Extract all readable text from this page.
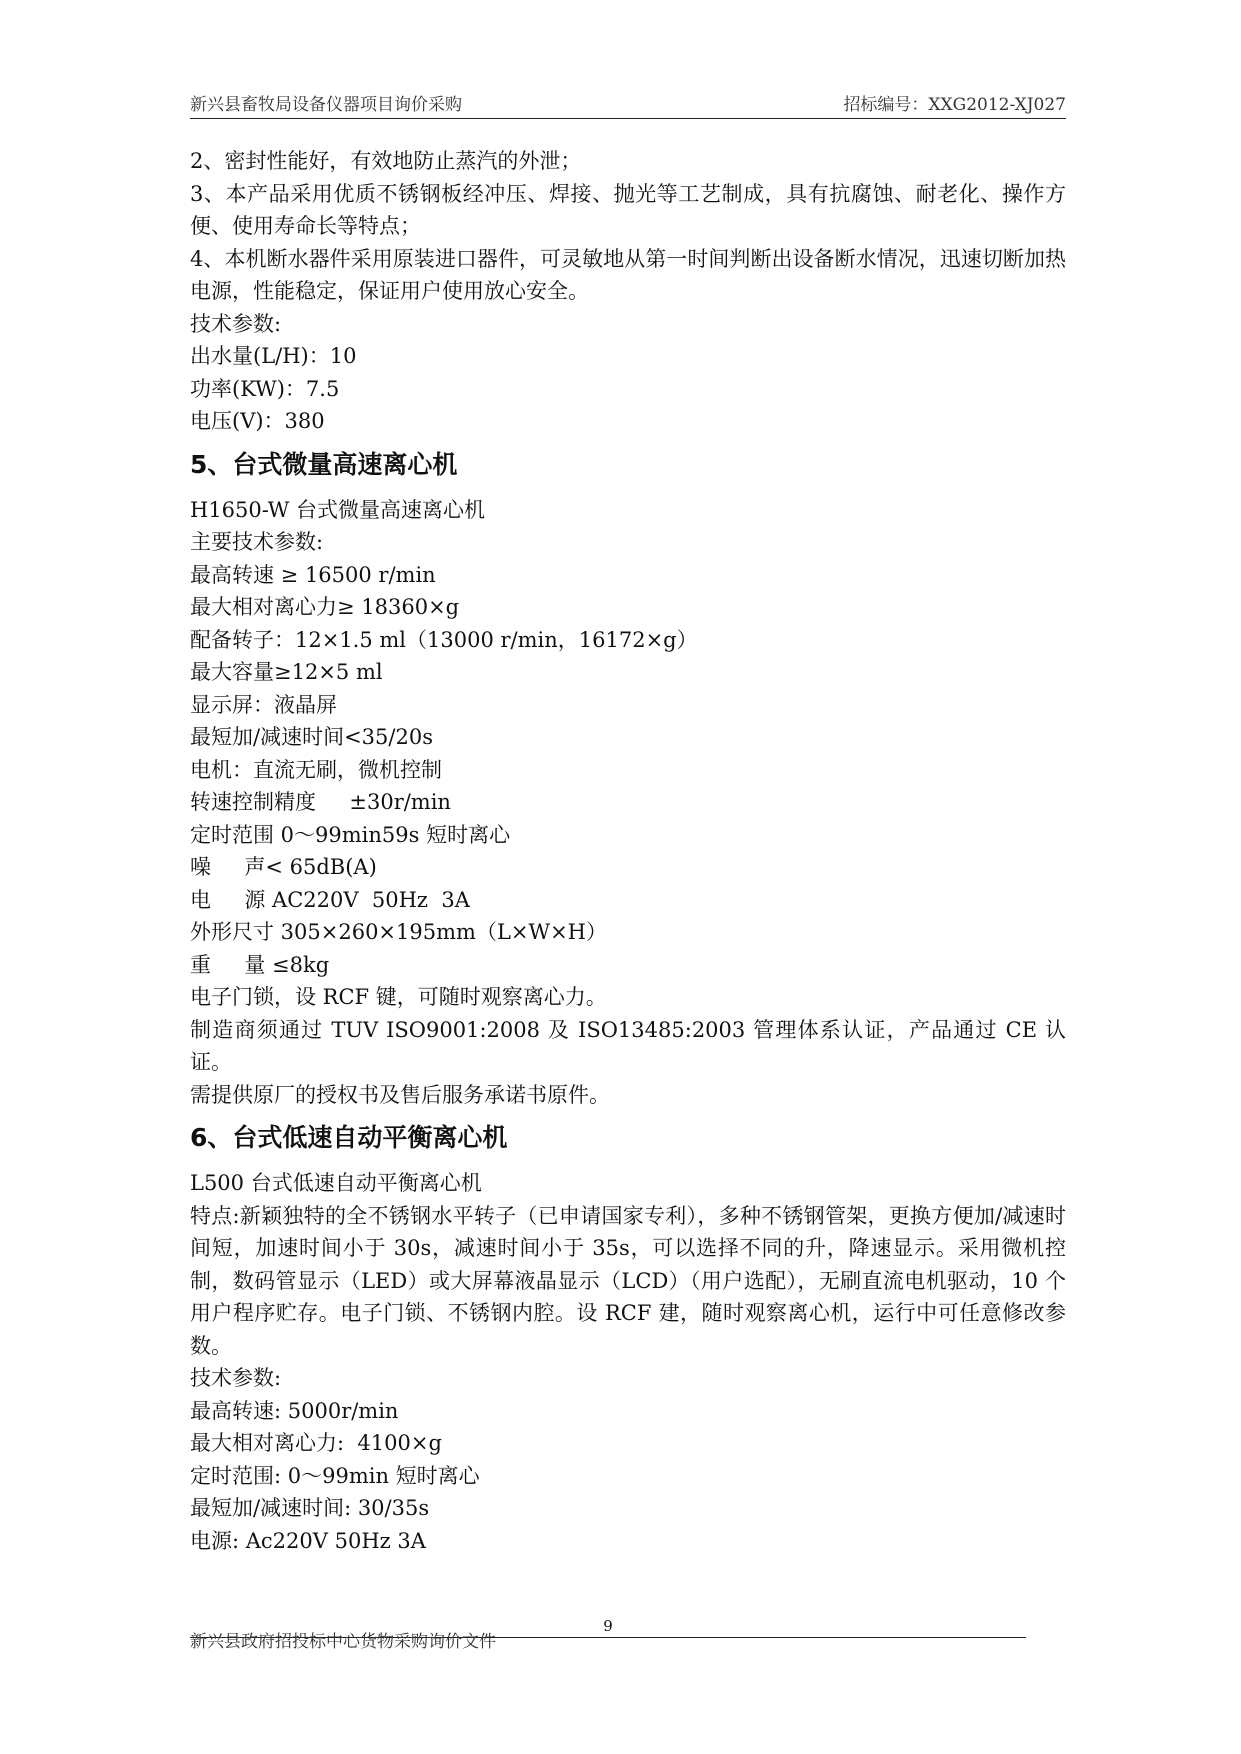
新兴县畜牧局设备仪器项目询价采购	招标编号：XXG2012-XJ027

2、密封性能好，有效地防止蒸汽的外泄；

3、本产品采用优质不锈钢板经冲压、焊接、抛光等工艺制成，具有抗腐蚀、耐老化、操作方便、使用寿命长等特点；

4、本机断水器件采用原装进口器件，可灵敏地从第一时间判断出设备断水情况，迅速切断加热电源，性能稳定，保证用户使用放心安全。

技术参数:

出水量(L/H)：10

功率(KW)：7.5

电压(V)：380

5、台式微量高速离心机

H1650-W 台式微量高速离心机

主要技术参数:

最高转速 ≥ 16500 r/min

最大相对离心力≥ 18360×g

配备转子：12×1.5 ml（13000 r/min，16172×g）

最大容量≥12×5 ml

显示屏：液晶屏

最短加/减速时间<35/20s

电机：直流无刷，微机控制

转速控制精度     ±30r/min

定时范围 0～99min59s 短时离心

噪     声< 65dB(A)

电     源 AC220V  50Hz  3A

外形尺寸 305×260×195mm（L×W×H）

重     量 ≤8kg

电子门锁，设 RCF 键，可随时观察离心力。

制造商须通过 TUV ISO9001:2008 及 ISO13485:2003 管理体系认证，产品通过 CE 认证。

需提供原厂的授权书及售后服务承诺书原件。

6、台式低速自动平衡离心机

L500 台式低速自动平衡离心机

特点:新颖独特的全不锈钢水平转子（已申请国家专利），多种不锈钢管架，更换方便加/减速时间短，加速时间小于 30s，减速时间小于 35s，可以选择不同的升，降速显示。采用微机控制，数码管显示（LED）或大屏幕液晶显示（LCD）（用户选配），无刷直流电机驱动，10 个用户程序贮存。电子门锁、不锈钢内腔。设 RCF 建，随时观察离心机，运行中可任意修改参数。

技术参数:

最高转速: 5000r/min

最大相对离心力:  4100×g

定时范围: 0～99min 短时离心

最短加/减速时间: 30/35s

电源: Ac220V 50Hz 3A

9
新兴县政府招投标中心货物采购询价文件
